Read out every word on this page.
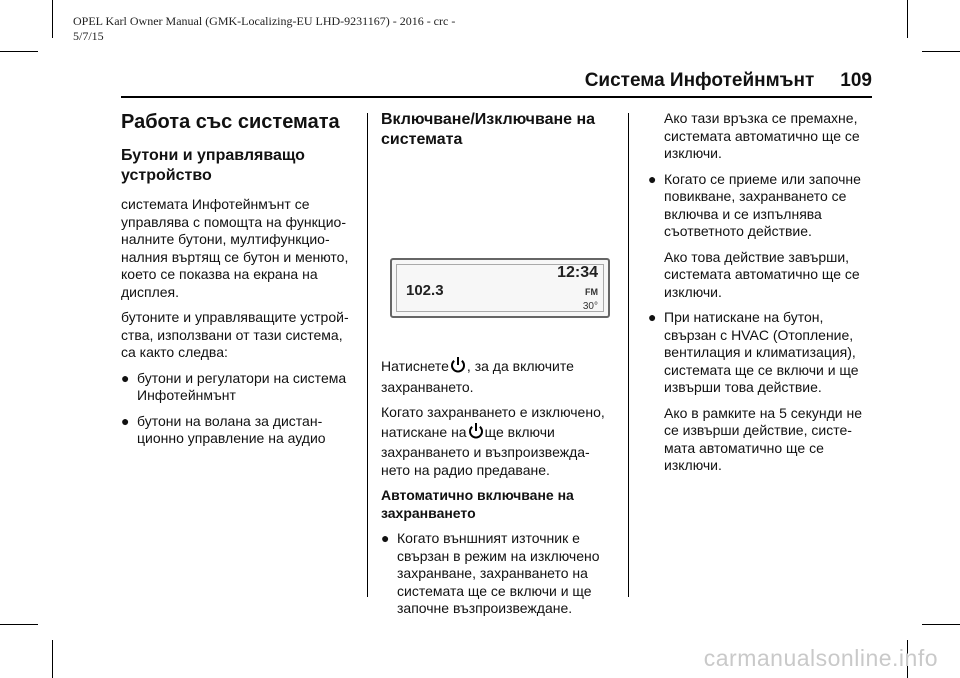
OPEL Karl Owner Manual (GMK-Localizing-EU LHD-9231167) - 2016 - crc -
5/7/15
Система Инфотейнмънт 109
Работа със системата
Бутони и управляващо устройство

системата Инфотейнмънт се управлява с помощта на функцио-налните бутони, мултифункцио-налния въртящ се бутон и менюто, което се показва на екрана на дисплея.

бутоните и управляващите устрой-ства, използвани от тази система, са както следва:

● бутони и регулатори на система Инфотейнмънт
● бутони на волана за дистан-ционно управление на аудио
Включване/Изключване на системата
102.3
12:34
FM
30°

Натиснете , за да включите захранването.

Когато захранването е изключено, натискане на ще включи захранването и възпроизвежда-нето на радио предаване.

Автоматично включване на захранването
● Когато външният източник е свързан в режим на изключено захранване, захранването на системата ще се включи и ще започне възпроизвеждане.

Ако тази връзка се премахне, системата автоматично ще се изключи.

● Когато се приеме или започне повикване, захранването се включва и се изпълнява съответното действие.

Ако това действие завърши, системата автоматично ще се изключи.

● При натискане на бутон, свързан с HVAC (Отопление, вентилация и климатизация), системата ще се включи и ще извърши това действие.

Ако в рамките на 5 секунди не се извърши действие, систе-мата автоматично ще се изключи.

carmanualsonline.info
